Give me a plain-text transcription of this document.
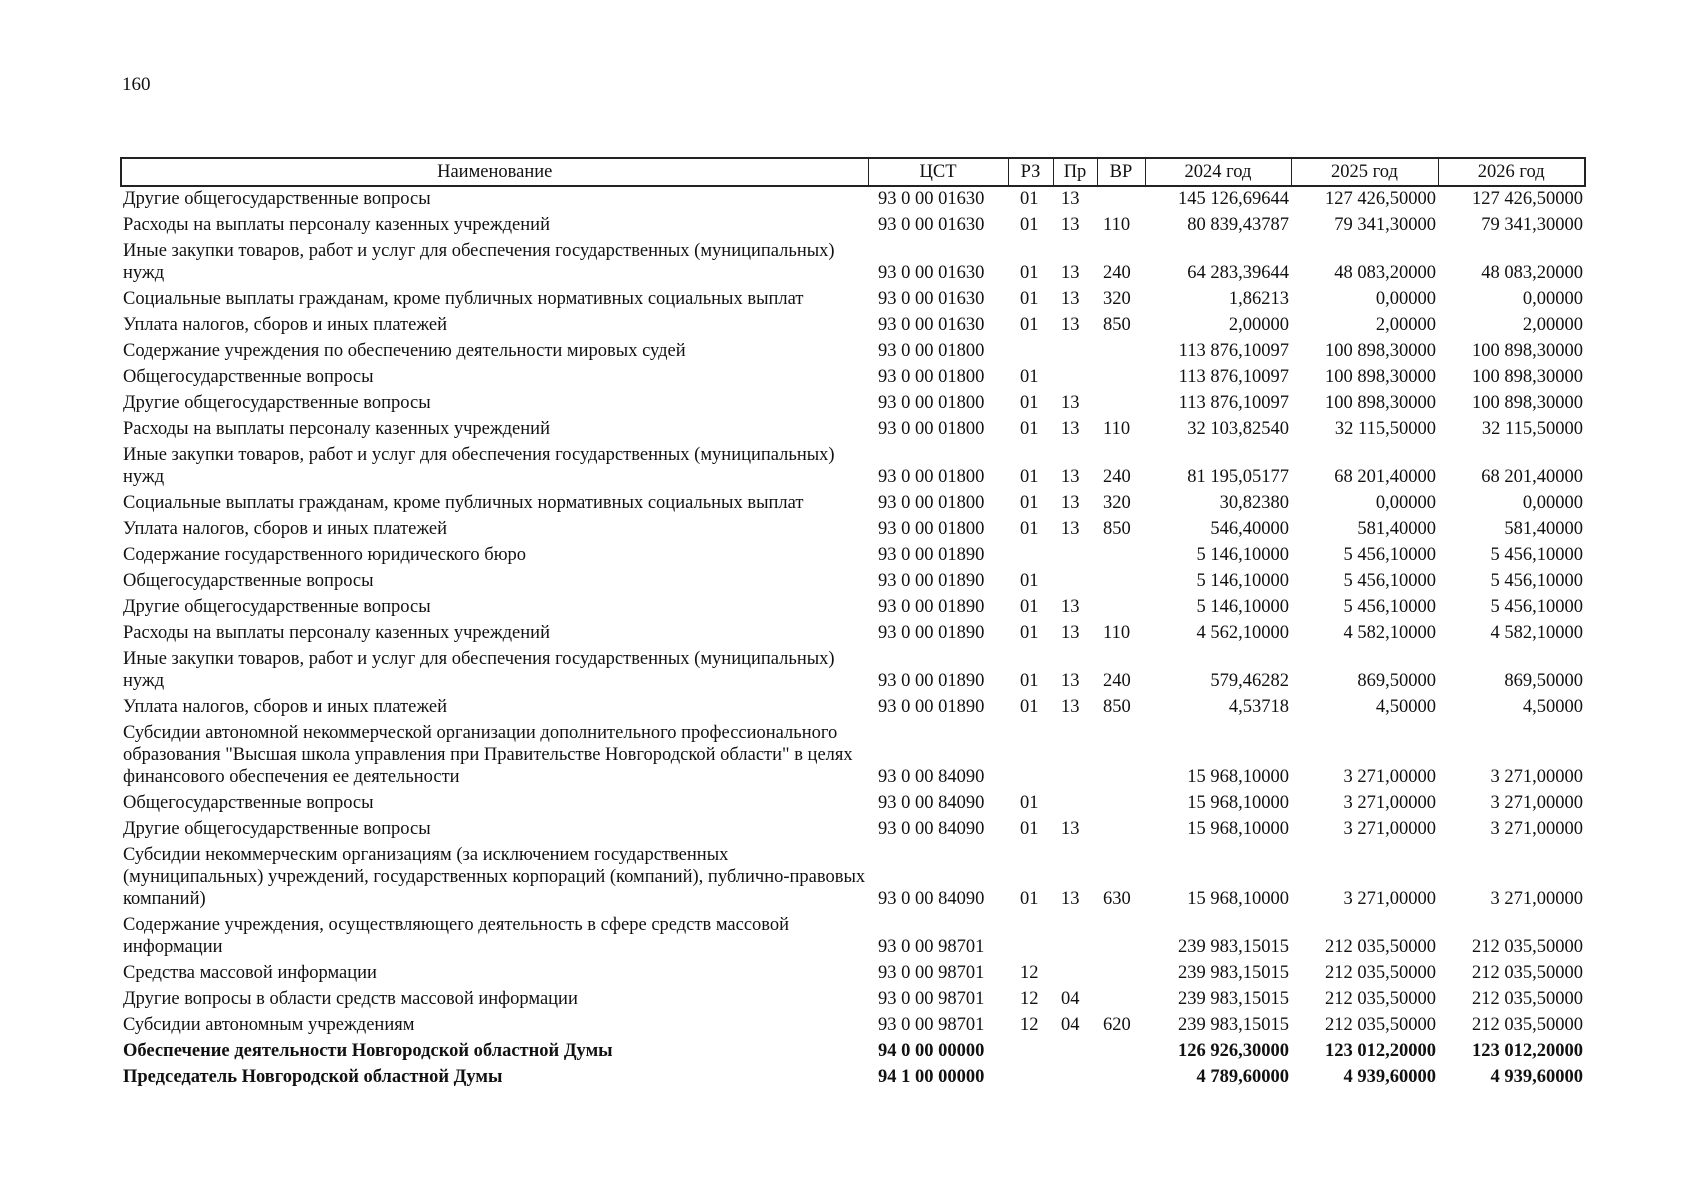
160
Наименование	ЦСТ	РЗ	Пр	ВР	2024 год	2025 год	2026 год
Другие общегосударственные вопросы	93 0 00 01630	01	13		145 126,69644	127 426,50000	127 426,50000
Расходы на выплаты персоналу казенных учреждений	93 0 00 01630	01	13	110	80 839,43787	79 341,30000	79 341,30000
Иные закупки товаров, работ и услуг для обеспечения государственных (муниципальных) нужд	93 0 00 01630	01	13	240	64 283,39644	48 083,20000	48 083,20000
Социальные выплаты гражданам, кроме публичных нормативных социальных выплат	93 0 00 01630	01	13	320	1,86213	0,00000	0,00000
Уплата налогов, сборов и иных платежей	93 0 00 01630	01	13	850	2,00000	2,00000	2,00000
Содержание учреждения по обеспечению деятельности мировых судей	93 0 00 01800				113 876,10097	100 898,30000	100 898,30000
Общегосударственные вопросы	93 0 00 01800	01			113 876,10097	100 898,30000	100 898,30000
Другие общегосударственные вопросы	93 0 00 01800	01	13		113 876,10097	100 898,30000	100 898,30000
Расходы на выплаты персоналу казенных учреждений	93 0 00 01800	01	13	110	32 103,82540	32 115,50000	32 115,50000
Иные закупки товаров, работ и услуг для обеспечения государственных (муниципальных) нужд	93 0 00 01800	01	13	240	81 195,05177	68 201,40000	68 201,40000
Социальные выплаты гражданам, кроме публичных нормативных социальных выплат	93 0 00 01800	01	13	320	30,82380	0,00000	0,00000
Уплата налогов, сборов и иных платежей	93 0 00 01800	01	13	850	546,40000	581,40000	581,40000
Содержание государственного юридического бюро	93 0 00 01890				5 146,10000	5 456,10000	5 456,10000
Общегосударственные вопросы	93 0 00 01890	01			5 146,10000	5 456,10000	5 456,10000
Другие общегосударственные вопросы	93 0 00 01890	01	13		5 146,10000	5 456,10000	5 456,10000
Расходы на выплаты персоналу казенных учреждений	93 0 00 01890	01	13	110	4 562,10000	4 582,10000	4 582,10000
Иные закупки товаров, работ и услуг для обеспечения государственных (муниципальных) нужд	93 0 00 01890	01	13	240	579,46282	869,50000	869,50000
Уплата налогов, сборов и иных платежей	93 0 00 01890	01	13	850	4,53718	4,50000	4,50000
Субсидии автономной некоммерческой организации дополнительного профессионального образования "Высшая школа управления при Правительстве Новгородской области" в целях финансового обеспечения ее деятельности	93 0 00 84090				15 968,10000	3 271,00000	3 271,00000
Общегосударственные вопросы	93 0 00 84090	01			15 968,10000	3 271,00000	3 271,00000
Другие общегосударственные вопросы	93 0 00 84090	01	13		15 968,10000	3 271,00000	3 271,00000
Субсидии некоммерческим организациям (за исключением государственных (муниципальных) учреждений, государственных корпораций (компаний), публично-правовых компаний)	93 0 00 84090	01	13	630	15 968,10000	3 271,00000	3 271,00000
Содержание учреждения, осуществляющего деятельность в сфере средств массовой информации	93 0 00 98701				239 983,15015	212 035,50000	212 035,50000
Средства массовой информации	93 0 00 98701	12			239 983,15015	212 035,50000	212 035,50000
Другие вопросы в области средств массовой информации	93 0 00 98701	12	04		239 983,15015	212 035,50000	212 035,50000
Субсидии автономным учреждениям	93 0 00 98701	12	04	620	239 983,15015	212 035,50000	212 035,50000
Обеспечение деятельности Новгородской областной Думы	94 0 00 00000				126 926,30000	123 012,20000	123 012,20000
Председатель Новгородской областной Думы	94 1 00 00000				4 789,60000	4 939,60000	4 939,60000
